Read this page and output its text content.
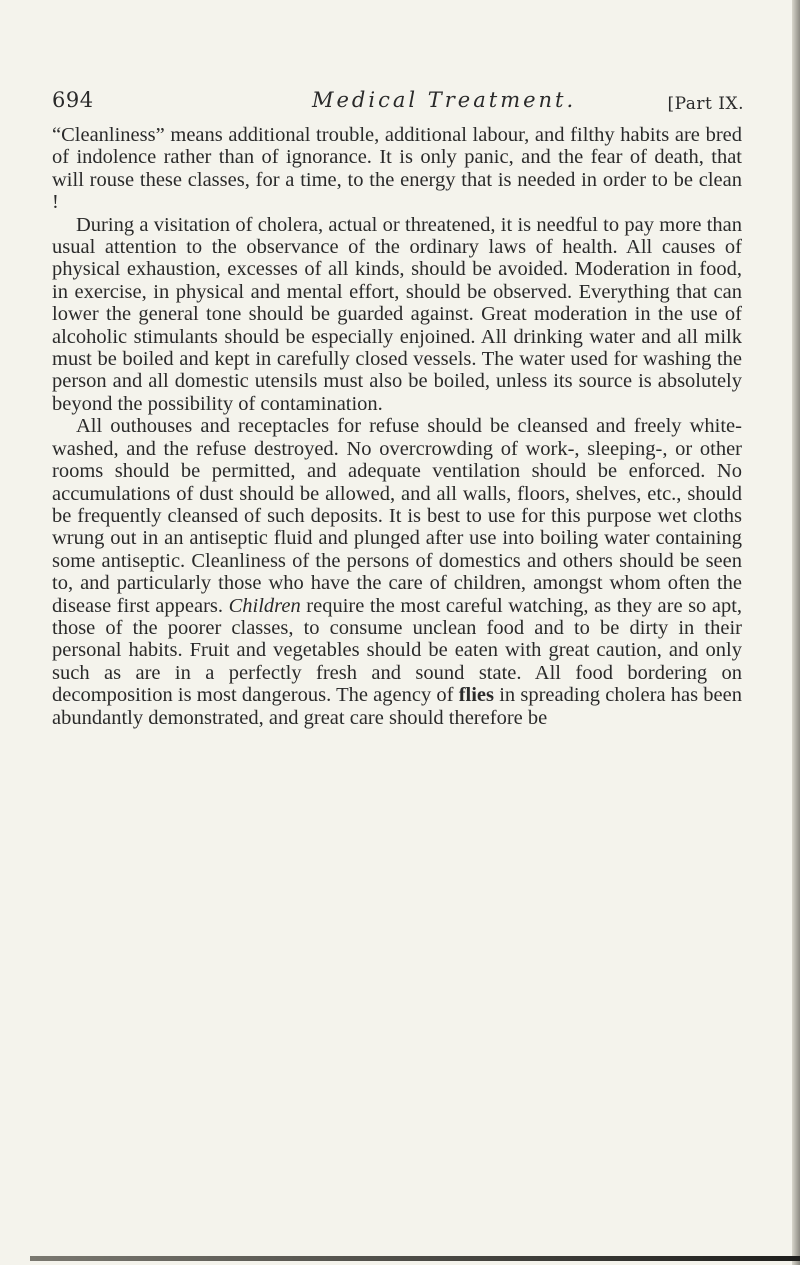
694	Medical Treatment.	[Part IX.

“Cleanliness” means additional trouble, additional labour, and filthy habits are bred of indolence rather than of ignorance. It is only panic, and the fear of death, that will rouse these classes, for a time, to the energy that is needed in order to be clean !

During a visitation of cholera, actual or threatened, it is needful to pay more than usual attention to the observance of the ordinary laws of health. All causes of physical exhaustion, excesses of all kinds, should be avoided. Moderation in food, in exercise, in physical and mental effort, should be observed. Everything that can lower the general tone should be guarded against. Great moderation in the use of alcoholic stimulants should be especially enjoined. All drinking water and all milk must be boiled and kept in carefully closed vessels. The water used for washing the person and all domestic utensils must also be boiled, unless its source is absolutely beyond the possibility of contamination.

All outhouses and receptacles for refuse should be cleansed and freely white-washed, and the refuse destroyed. No overcrowding of work-, sleeping-, or other rooms should be permitted, and adequate ventilation should be enforced. No accumulations of dust should be allowed, and all walls, floors, shelves, etc., should be frequently cleansed of such deposits. It is best to use for this purpose wet cloths wrung out in an antiseptic fluid and plunged after use into boiling water containing some antiseptic. Cleanliness of the persons of domestics and others should be seen to, and particularly those who have the care of children, amongst whom often the disease first appears. Children require the most careful watching, as they are so apt, those of the poorer classes, to consume unclean food and to be dirty in their personal habits. Fruit and vegetables should be eaten with great caution, and only such as are in a perfectly fresh and sound state. All food bordering on decomposition is most dangerous. The agency of flies in spreading cholera has been abundantly demonstrated, and great care should therefore be
